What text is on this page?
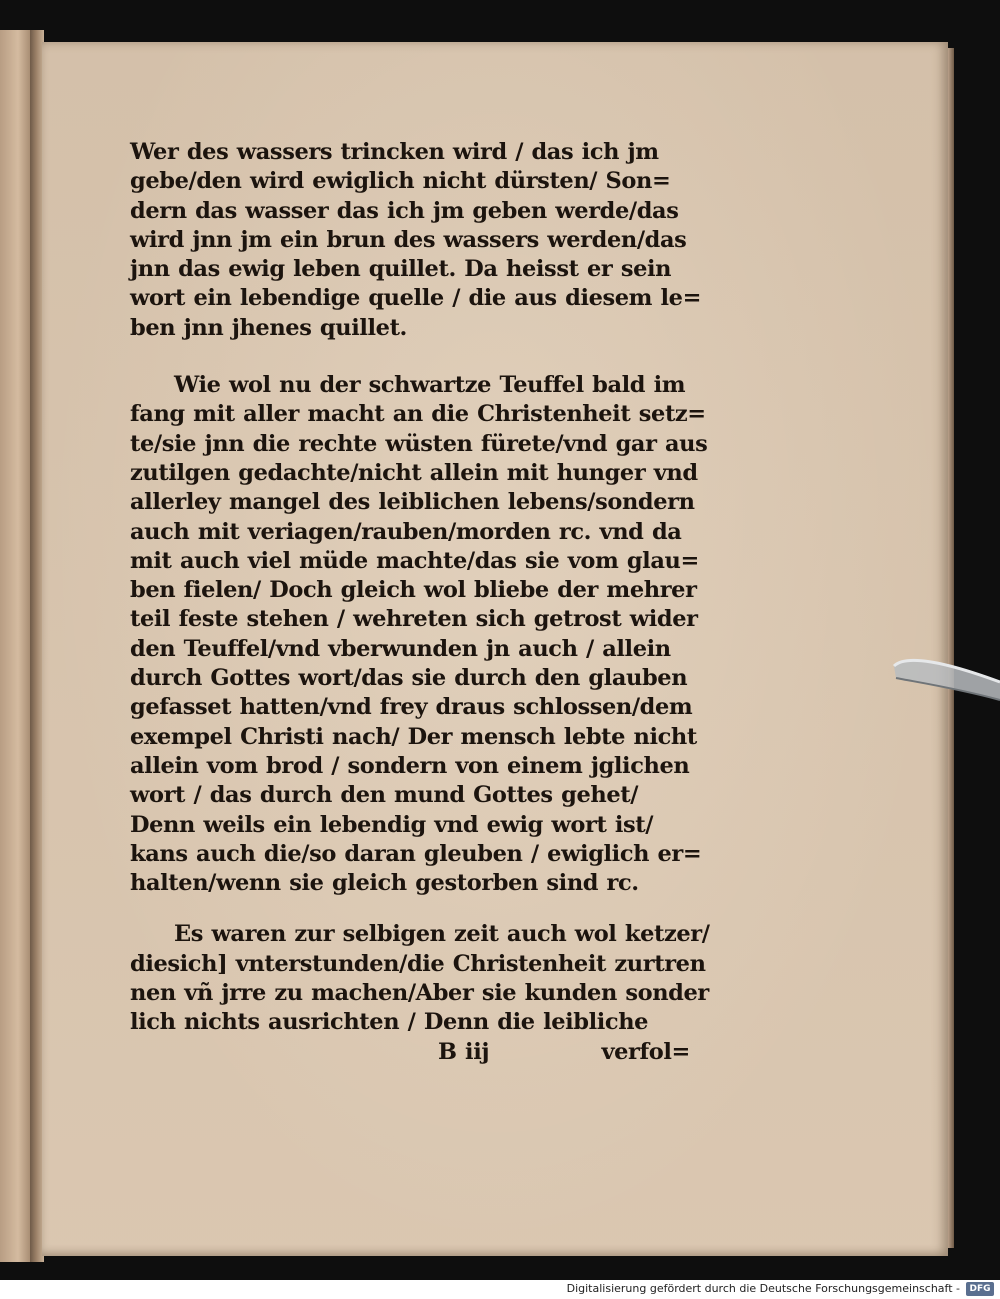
Wer des wassers trincken wird / das ich jm
gebe/den wird ewiglich nicht dürsten/ Son=
dern das wasser das ich jm geben werde/das
wird jnn jm ein brun des wassers werden/das
jnn das ewig leben quillet. Da heisst er sein
wort ein lebendige quelle / die aus diesem le=
ben jnn jhenes quillet.
Wie wol nu der schwartze Teuffel bald im
fang mit aller macht an die Christenheit setz=
te/sie jnn die rechte wüsten fürete/vnd gar aus
zutilgen gedachte/nicht allein mit hunger vnd
allerley mangel des leiblichen lebens/sondern
auch mit veriagen/rauben/morden rc. vnd da
mit auch viel müde machte/das sie vom glau=
ben fielen/ Doch gleich wol bliebe der mehrer
teil feste stehen / wehreten sich getrost wider
den Teuffel/vnd vberwunden jn auch / allein
durch Gottes wort/das sie durch den glauben
gefasset hatten/vnd frey draus schlossen/dem
exempel Christi nach/ Der mensch lebte nicht
allein vom brod / sondern von einem jglichen
wort / das durch den mund Gottes gehet/
Denn weils ein lebendig vnd ewig wort ist/
kans auch die/so daran gleuben / ewiglich er=
halten/wenn sie gleich gestorben sind rc.
Es waren zur selbigen zeit auch wol ketzer/
diesich] vnterstunden/die Christenheit zurtren
nen vñ jrre zu machen/Aber sie kunden sonder
lich nichts ausrichten / Denn die leibliche
B iij	verfol=
Digitalisierung gefördert durch die Deutsche Forschungsgemeinschaft -	DFG
